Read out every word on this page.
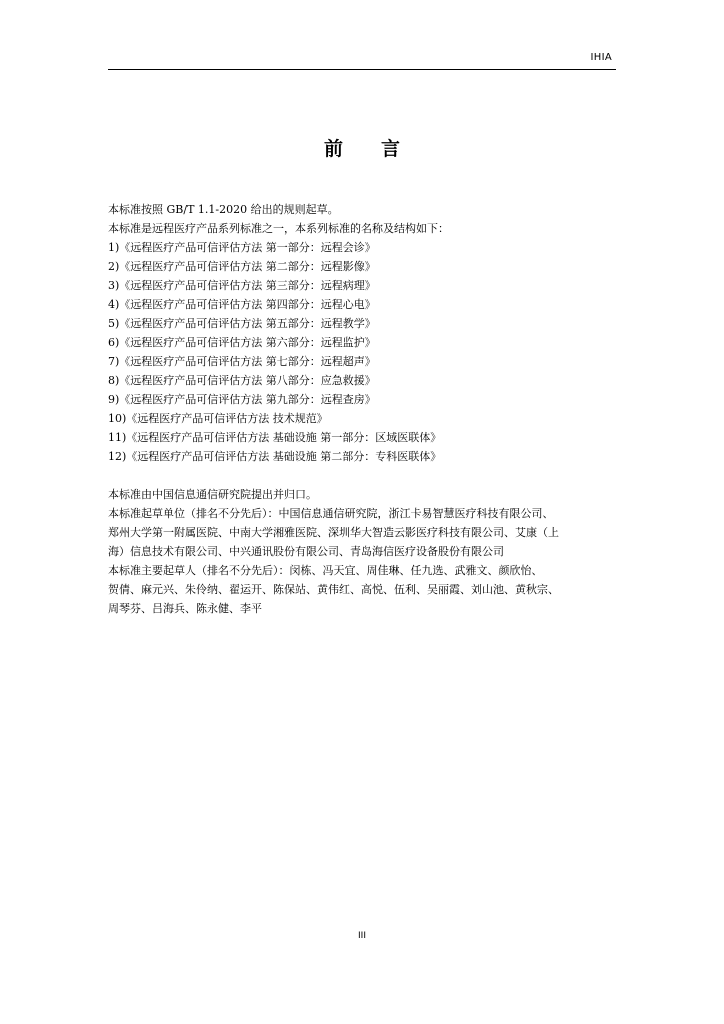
IHIA
前 言
本标准按照 GB/T 1.1-2020 给出的规则起草。
本标准是远程医疗产品系列标准之一，本系列标准的名称及结构如下：
1)《远程医疗产品可信评估方法 第一部分：远程会诊》
2)《远程医疗产品可信评估方法 第二部分：远程影像》
3)《远程医疗产品可信评估方法 第三部分：远程病理》
4)《远程医疗产品可信评估方法 第四部分：远程心电》
5)《远程医疗产品可信评估方法 第五部分：远程教学》
6)《远程医疗产品可信评估方法 第六部分：远程监护》
7)《远程医疗产品可信评估方法 第七部分：远程超声》
8)《远程医疗产品可信评估方法 第八部分：应急救援》
9)《远程医疗产品可信评估方法 第九部分：远程查房》
10)《远程医疗产品可信评估方法 技术规范》
11)《远程医疗产品可信评估方法 基础设施 第一部分：区域医联体》
12)《远程医疗产品可信评估方法 基础设施 第二部分：专科医联体》
本标准由中国信息通信研究院提出并归口。
本标准起草单位（排名不分先后）：中国信息通信研究院，浙江卡易智慧医疗科技有限公司、
郑州大学第一附属医院、中南大学湘雅医院、深圳华大智造云影医疗科技有限公司、艾康（上
海）信息技术有限公司、中兴通讯股份有限公司、青岛海信医疗设备股份有限公司
本标准主要起草人（排名不分先后）：闵栋、冯天宜、周佳琳、任九选、武雅文、颜欣怡、
贺倩、麻元兴、朱伶纳、翟运开、陈保站、黄伟红、高悦、伍利、吴丽霞、刘山池、黄秋宗、
周琴芬、吕海兵、陈永健、李平
III
